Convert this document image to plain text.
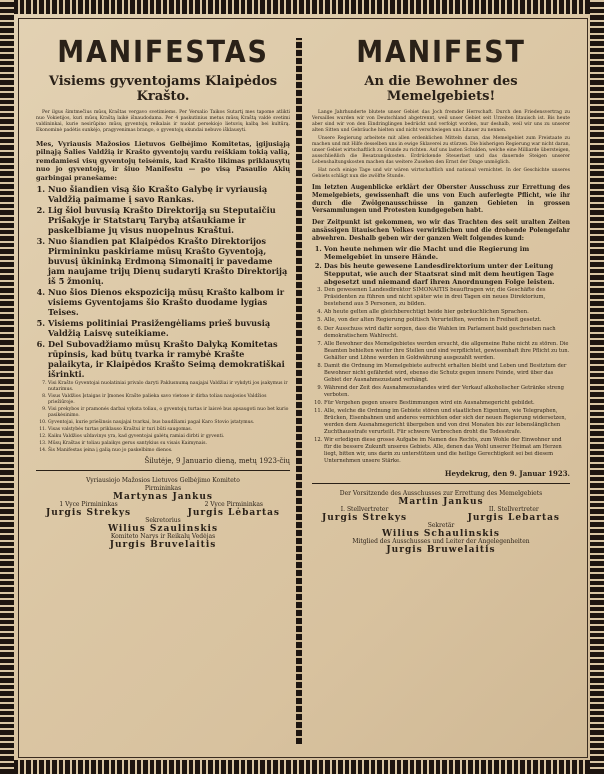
MANIFESTAS
Visiems gyventojams Klaipėdos Krašto.

Per ilgus šimtmečius mūsų Kraštas vergavo svetimiems. Per Versalio Taikos Sutartį mes tapome atlikti nuo Vokietijos, kuri mūsų Kraštą laikė išnaudodama. Per 4 paskutinius metus mūsų Kraštą valdė svetimi valdininkai, kurie nesirūpino mūsų gyventojų reikalais ir nuolat persekiojo lietuvių kalbą bei kultūrą. Ekonominė padėtis sunkėjo, pragyvenimas brango, o gyventojų skundai nebuvo išklausyti.

Mes, Vyriausis Mažosios Lietuvos Gelbėjimo Komitetas, įgijusiąją pilnąją Šalies Valdžią ir Krašto gyventojų vardu reiškiam tokią valią, remdamiesi visų gyventojų teisėmis, kad Krašto likimas priklausytų nuo jo gyventojų, ir šiuo Manifestu — po visą Pasaulio Akių garbingai pranešame:
1. Nuo šiandien visą šio Krašto Galybę ir vyriausią Valdžią paimame į savo Rankas.
2. Lig šiol buvusią Krašto Direktoriją su Steputaičiu Prišakyje ir Statstarų Tarybą atšaukiame ir paskelbiame jų visus nuopelnus Kraštui.
3. Nuo šiandien pat Klaipėdos Krašto Direktorijos Pirmininku paskiriame mūsų Krašto Gyventoją, buvusį ūkininką Erdmoną Simonaitį ir pavedame jam naujame trijų Dienų sudaryti Krašto Direktoriją iš 5 žmonių.
4. Nuo šios Dienos ekspoziciją mūsų Krašto kalbom ir visiems Gyventojams šio Krašto duodame lygias Teises.
5. Visiems politiniai Prasižengėliams prieš buvusią Valdžią Laisvę suteikiame.
6. Del Subovadžiamo mūsų Krašto Dalyką Komitetas rūpinsis, kad būtų tvarka ir ramybė Krašte palaikyta, ir Klaipėdos Krašto Seimą demokratiškai išrinkti.
7. Visi Krašto Gyventojai nuolatiniai privalo daryti Paklusnumą naujajai Valdžiai ir vykdyti jos įsakymus ir nutarimus.
8. Visus Valdžios Įstaigas ir Įmones Krašte palieka savo vietose ir dirba toliau naujosios Valdžios priežiūroje.
9. Visi prekybos ir pramonės darbai vyksta toliau, o gyventojų turtas ir laisvė bus apsaugoti nuo bet kurio pasikėsinimo.
10. Gyventojai, kurie priešinsis naujajai tvarkai, bus baudžiami pagal Karo Stovio įstatymus.
11. Visas valstybės turtas priklauso Kraštui ir turi būti saugomas.
12. Kaiku Valdžios uždavinys yra, kad gyventojai galėtų ramiai dirbti ir gyventi.
13. Mūsų Kraštas ir toliau palaikys gerus santykius su visais Kaimynais.
14. Šis Manifestas įeina į galią nuo jo paskelbimo dienos.
Šilutėje, 9 Januario dieną, metų 1923-čių
Vyriausiojo Mažosios Lietuvos Gelbėjimo Komiteto
Pirmininkas
Martynas Jankus
1 Vyce Pirmininkas
Jurgis Strekys
2 Vyce Pirmininkas
Jurgis Lėbartas
Sekretorius
Wilius Szaulinskis
Komiteto Narys ir Reikalų Vedėjas
Jurgis Bruvelaitis
MANIFEST
An die Bewohner des Memelgebiets!

Lange Jahrhunderte blutete unser Gebiet das Joch fremder Herrschaft. Durch den Friedensvertrag zu Versailles wurden wir von Deutschland abgetrennt, weil unser Gebiet seit Urzeiten litauisch ist. Bis heute aber sind wir von den Eindringlingen bedrückt und verfolgt worden, nur deshalb, weil wir uns zu unserer alten Sitten und Gebräuche hielten und nicht verschwiegen uns Litauer zu nennen.

Unsere Regierung arbeitete mit allen erdenklichen Mitteln daran, das Memelgebiet zum Freistaate zu machen und mit Hilfe desselben uns in ewige Sklaverei zu stürzen. Die bisherigen Regierung war nicht daran, unser Gebiet wirtschaftlich zu Grunde zu richten. Auf uns lasten Schulden, welche eine Milliarde übersteigen, ausschließlich die Besatzungskosten. Erdrückende Steuerlast und das dauernde Steigen unserer Lebenshaltungskosten machen das weitere Zusehen den Ernst der Dinge unmöglich.

Hat noch einige Tage und wir wären wirtschaftlich und national vernichtet. In der Geschichte unseres Gebiets schlägt nun die zwölfte Stunde.

Im letzten Augenblicke erklärt der Oberster Ausschuss zur Errettung des Memelgebiets, gewissenhaft die uns von Euch auferlegte Pflicht, wie ihr durch die Zwölgenausschüsse in ganzen Gebieten in grossen Versammlungen und Protesten kundgegeben habt.
Der Zeitpunkt ist gekommen, wo wir das Trachten des seit uralten Zeiten ansässigen litauischen Volkes verwirklichen und die drohende Polengefahr abwehren. Deshalb geben wir der ganzen Welt folgendes kund:
1. Von heute nehmen wir die Macht und die Regierung im Memelgebiet in unsere Hände.
2. Das bis heute gewesene Landesdirektorium unter der Leitung Stepputat, wie auch der Staatsrat sind mit dem heutigen Tage abgesetzt und niemand darf ihren Anordnungen Folge leisten.
3. Den gewesenen Landesdirektor SIMONAITIS beauftragen wir, die Geschäfte des Präsidenten zu führen und nicht später wie in drei Tagen ein neues Direktorium, bestehend aus 5 Personen, zu bilden.
4. Ab heute gelten alle gleichberechtigt beide hier gebräuchlichen Sprachen.
5. Alle, von der alten Regierung politisch Verurteilten, werden in Freiheit gesetzt.
6. Der Ausschuss wird dafür sorgen, dass die Wahlen im Parlament bald geschrieben nach demokratischem Wahlrecht.
7. Alle Bewohner des Memelgebietes werden ersucht, die allgemeine Ruhe nicht zu stören. Die Beamten behielten weiter ihre Stellen und sind verpflichtet, gewissenhaft ihre Pflicht zu tun. Gehälter und Löhne werden in Goldwährung ausgezahlt werden.
8. Damit die Ordnung im Memelgebiete aufrecht erhalten bleibt und Leben und Besitztum der Bewohner nicht gefährdet wird, ebenso die Schutz gegen innere Feinde, wird über das Gebiet der Ausnahmezustand verhängt.
9. Während der Zeit des Ausnahmezustandes wird der Verkauf alkoholischer Getränke streng verboten.
10. Für Vergehen gegen unsere Bestimmungen wird ein Ausnahmegericht gebildet.
11. Alle, welche die Ordnung im Gebiete stören und staatlichen Eigentum, wie Telegraphen, Brücken, Eisenbahnen und anderes vernichten oder sich der neuen Regierung widersetzen, werden dem Ausnahmegericht übergeben und von drei Monaten bis zur lebenslänglichen Zuchthausstrafe verurteilt. Für schwere Verbrechen droht die Todesstrafe.
12. Wir erledigen diese grosse Aufgabe im Namen des Rechts, zum Wohle der Einwohner und für die bessere Zukunft unseres Gebiets. Alle, denen das Wohl unserer Heimat am Herzen liegt, bitten wir, uns darin zu unterstützen und die heilige Gerechtigkeit sei bei diesem Unternehmen unsere Stärke.
Heydekrug, den 9. Januar 1923.
Der Vorsitzende des Ausschusses zur Errettung des Memelgebiets
Martin Jankus
I. Stellvertreter
Jurgis Strekys
II. Stellvertreter
Jurgis Lebartas
Sekretär
Wilius Schaulinskis
Mitglied des Ausschusses und Leiter der Angelegenheiten
Jurgis Bruwelaitis
